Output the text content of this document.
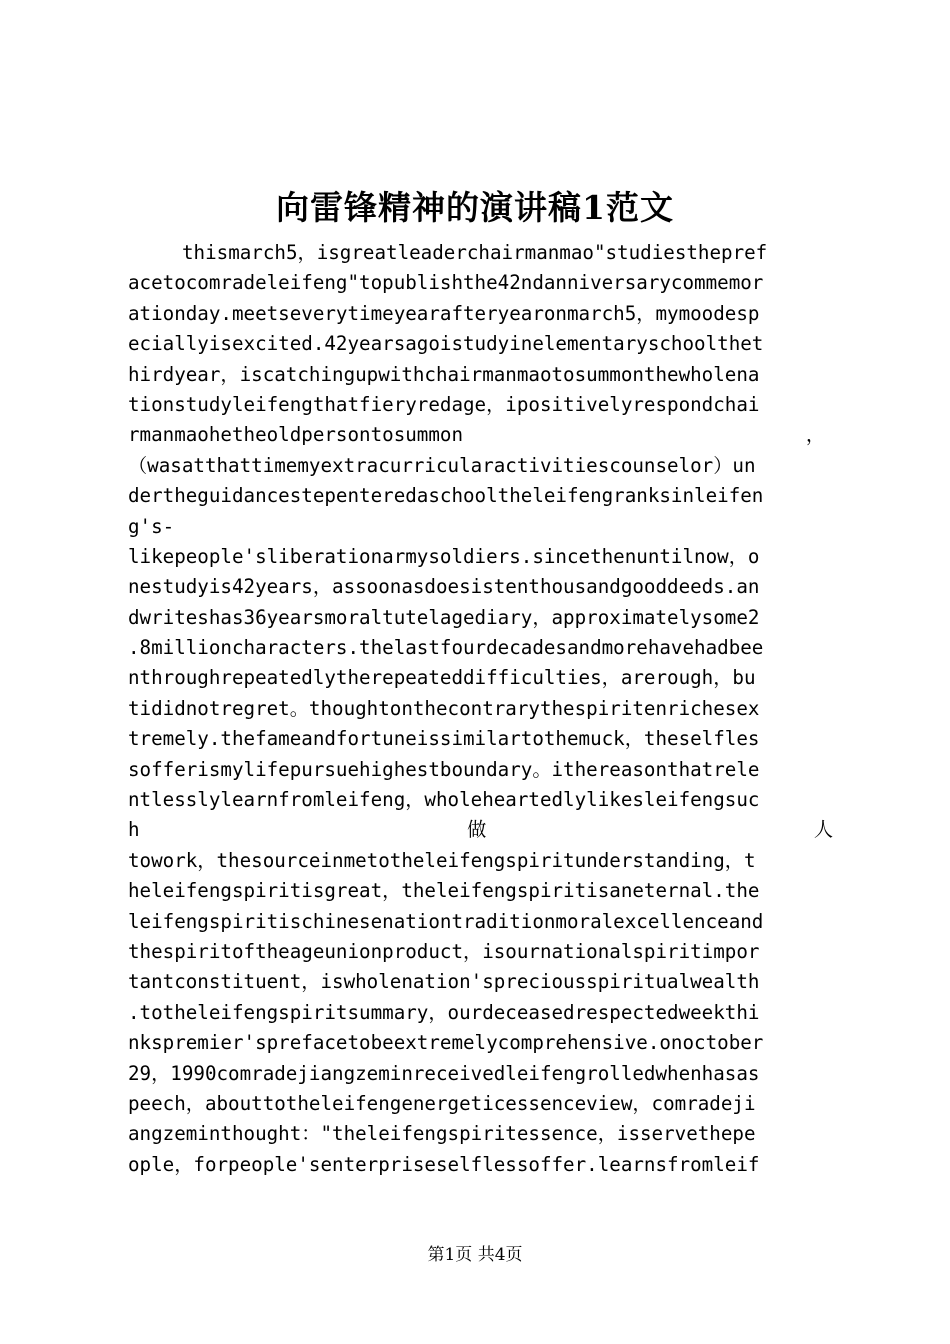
向雷锋精神的演讲稿1范文
thismarch5，isgreatleaderchairmanmao"studiesthepref
acetocomradeleifeng"topublishthe42ndanniversarycommemor
ationday.meetseverytimeyearafteryearonmarch5，mymoodesp
eciallyisexcited.42yearsagoistudyinelementaryschoolthet
hirdyear，iscatchingupwithchairmanmaotosummonthewholena
tionstudyleifengthatfieryredage，ipositivelyrespondchai
rmanmaohetheoldpersontosummon	，
（wasatthattimemyextracurricularactivitiescounselor）un
dertheguidancestepenteredaschooltheleifengranksinleifen
g's-
likepeople'sliberationarmysoldiers.sincethenuntilnow，o
nestudyis42years，assoonasdoesistenthousandgooddeeds.an
dwriteshas36yearsmoraltutelagediary，approximatelysome2
.8millioncharacters.thelastfourdecadesandmorehavehadbee
nthroughrepeatedlytherepeateddifficulties，arerough，bu
tididnotregret。thoughtonthecontrarythespiritenrichesex
tremely.thefameandfortuneissimilartothemuck，theselfles
sofferismylifepursuehighestboundary。ithereasonthatrele
ntlesslylearnfromleifeng，wholeheartedlylikesleifengsuc
h	做	人
towork，thesourceinmetotheleifengspiritunderstanding，t
heleifengspiritisgreat，theleifengspiritisaneternal.the
leifengspiritischinesenationtraditionmoralexcellenceand
thespiritoftheageunionproduct，isournationalspiritimpor
tantconstituent，iswholenation'spreciousspiritualwealth
.totheleifengspiritsummary，ourdeceasedrespectedweekthi
nkspremier'sprefacetobeextremelycomprehensive.onoctober
29，1990comradejiangzeminreceivedleifengrolledwhenhasas
peech，abouttotheleifengenergeticessenceview，comradeji
angzeminthought："theleifengspiritessence，isservethepe
ople，forpeople'senterpriseselflessoffer.learnsfromleif
第1页 共4页
